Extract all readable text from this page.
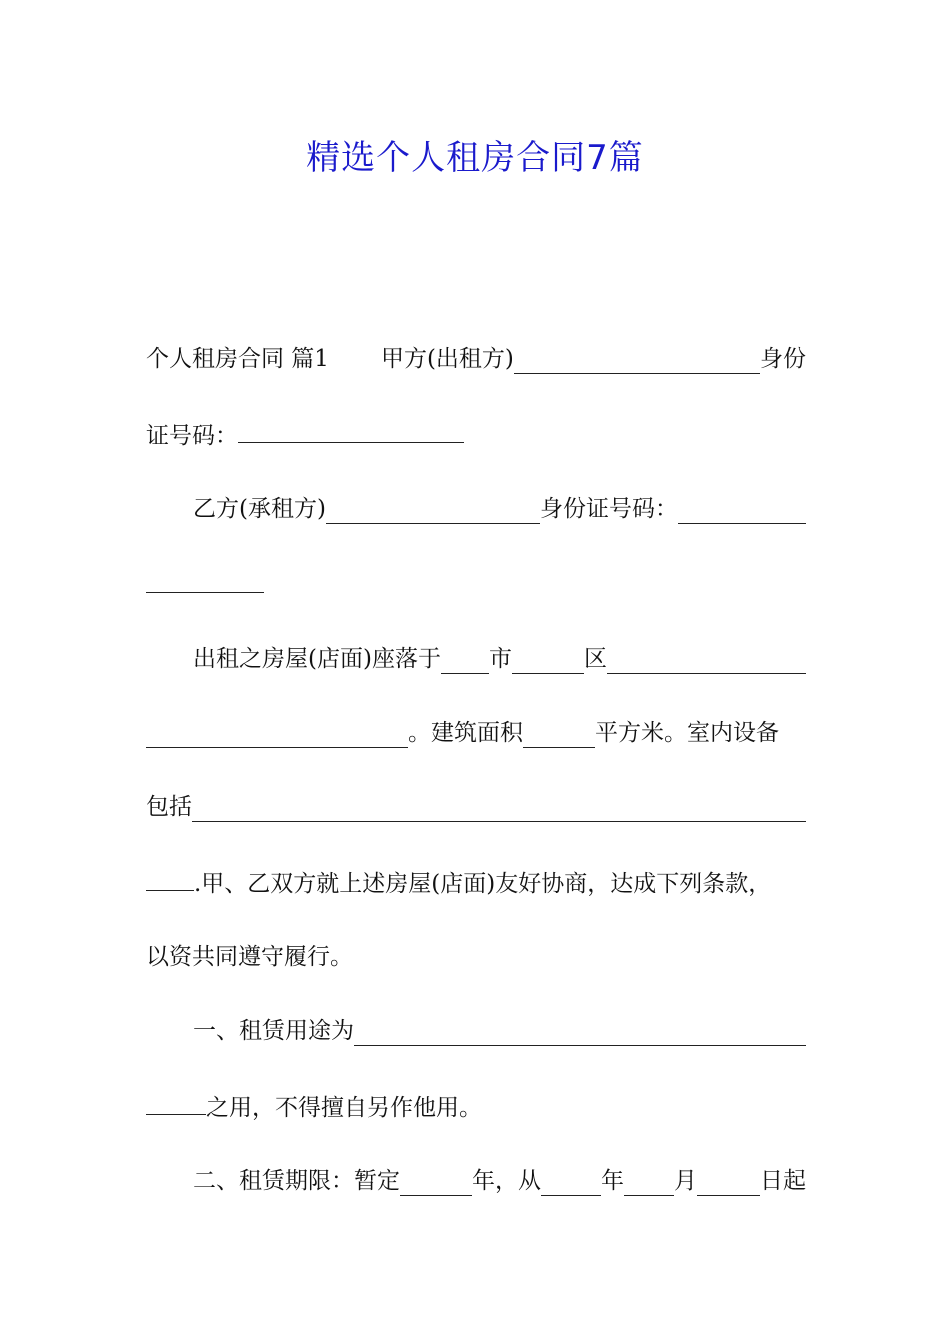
精选个人租房合同7篇
个人租房合同 篇1 甲方(出租方)	身份
证号码：
乙方(承租方)	身份证号码：
出租之房屋(店面)座落于 市	区
。建筑面积	平方米。室内设备
包括
.甲、乙双方就上述房屋(店面)友好协商，达成下列条款，
以资共同遵守履行。
一、租赁用途为
之用，不得擅自另作他用。
二、租赁期限：暂定	年，从	年 月	日起
